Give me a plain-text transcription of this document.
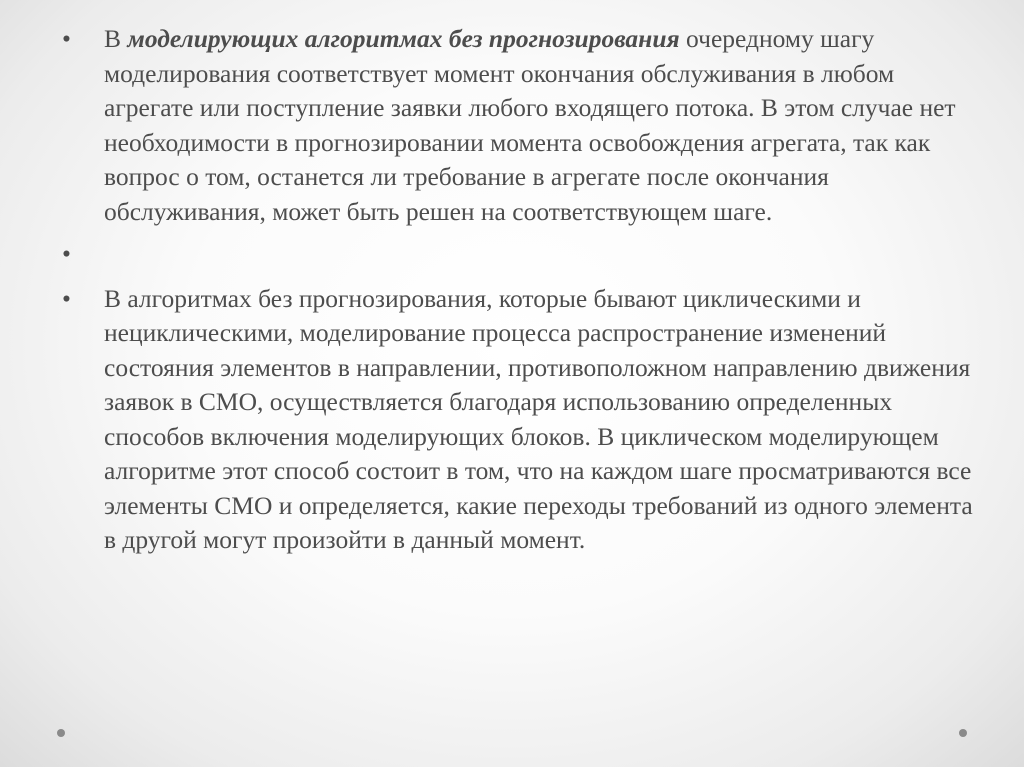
•	В моделирующих алгоритмах без прогнозирования очередному шагу моделирования соответствует момент окончания обслуживания в любом агрегате или поступление заявки любого входящего потока. В этом случае нет необходимости в прогнозировании момента освобождения агрегата, так как вопрос о том, останется ли требование в агрегате после окончания обслуживания, может быть решен на соответствующем шаге.
•
•	В алгоритмах без прогнозирования, которые бывают циклическими и нециклическими, моделирование процесса распространение изменений состояния элементов в направлении, противоположном направлению движения заявок в СМО, осуществляется благодаря использованию определенных способов включения моделирующих блоков. В циклическом моделирующем алгоритме этот способ состоит в том, что на каждом шаге просматриваются все элементы СМО и определяется, какие переходы требований из одного элемента в другой могут произойти в данный момент.
